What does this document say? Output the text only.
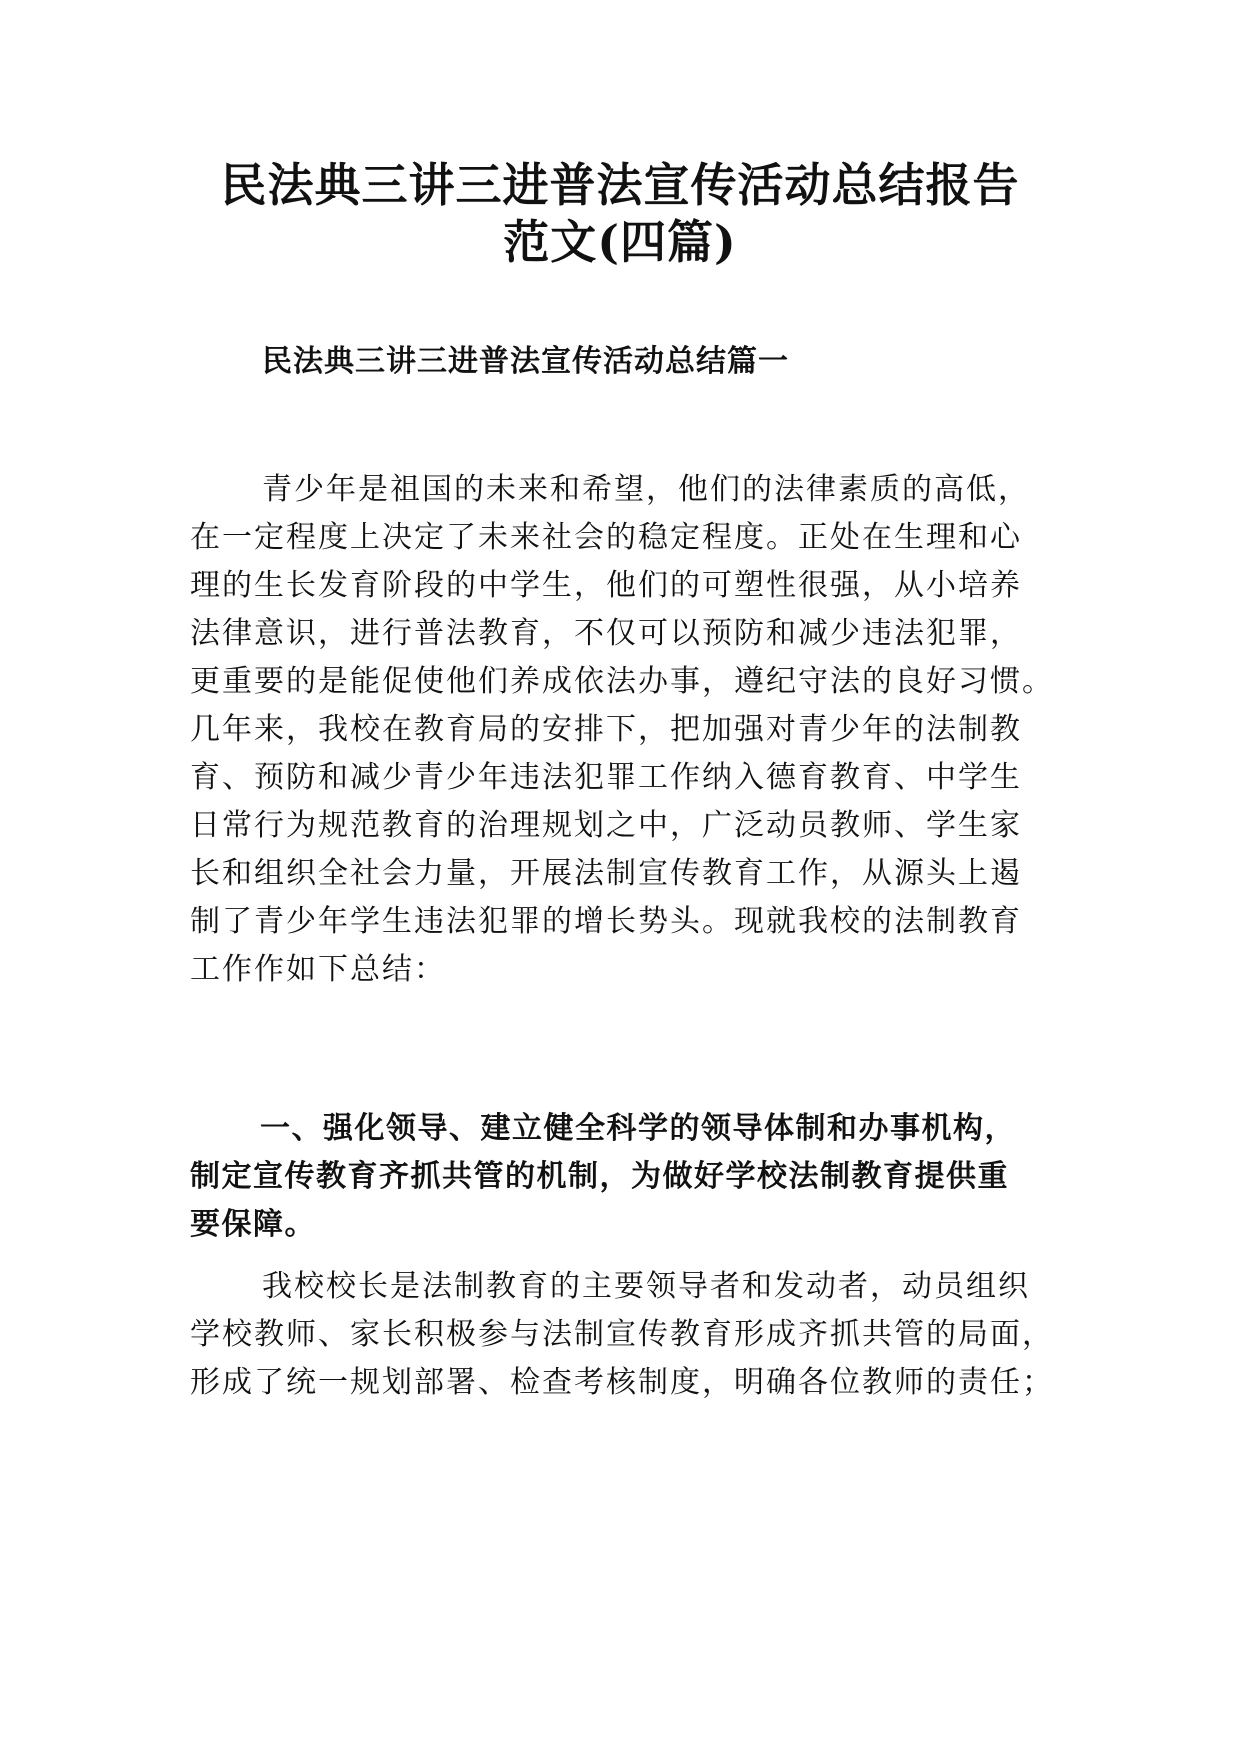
民法典三讲三进普法宣传活动总结报告
范文(四篇)
民法典三讲三进普法宣传活动总结篇一
青少年是祖国的未来和希望，他们的法律素质的高低，
在一定程度上决定了未来社会的稳定程度。正处在生理和心
理的生长发育阶段的中学生，他们的可塑性很强，从小培养
法律意识，进行普法教育，不仅可以预防和减少违法犯罪，
更重要的是能促使他们养成依法办事，遵纪守法的良好习惯。
几年来，我校在教育局的安排下，把加强对青少年的法制教
育、预防和减少青少年违法犯罪工作纳入德育教育、中学生
日常行为规范教育的治理规划之中，广泛动员教师、学生家
长和组织全社会力量，开展法制宣传教育工作，从源头上遏
制了青少年学生违法犯罪的增长势头。现就我校的法制教育
工作作如下总结：
一、强化领导、建立健全科学的领导体制和办事机构，
制定宣传教育齐抓共管的机制，为做好学校法制教育提供重
要保障。
我校校长是法制教育的主要领导者和发动者，动员组织
学校教师、家长积极参与法制宣传教育形成齐抓共管的局面，
形成了统一规划部署、检查考核制度，明确各位教师的责任；
